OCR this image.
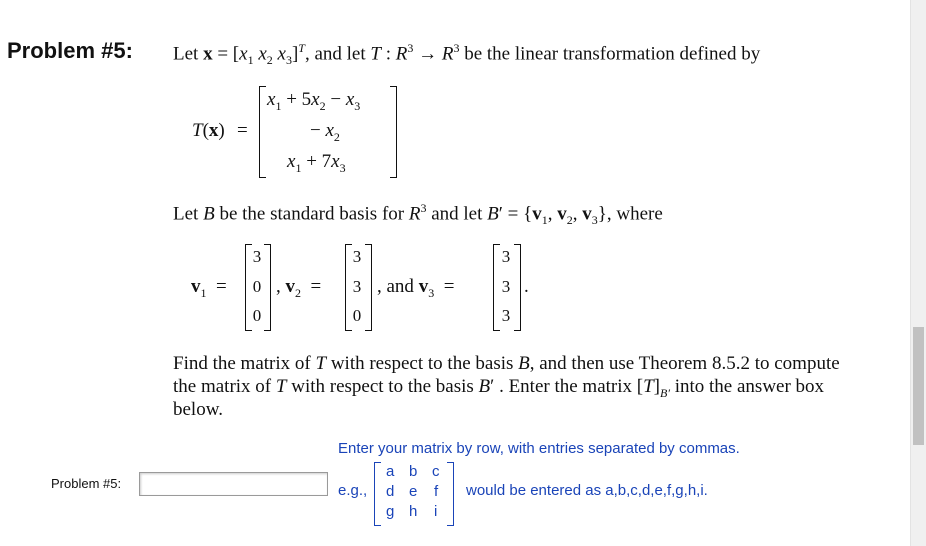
Problem #5: Let $x = [x_1$ $x_2$ $x_3]^T$, and let T : $R^3 \to R^3$ be the linear transformation defined by
T(x) =
$x_1 + 5x_2 - x_3$
− $x_2$
$x_1 + 7x_3$
Let B be the standard basis for $R^3$ and let $B' = \{v_1$, $v_2$, $v_3$}, where
$v_1$  =
3
0
0
, $v_2$  =
3
3
0
, and $v_3$  =
3
3
3
.
Find the matrix of T with respect to the basis B, and then use Theorem 8.5.2 to compute
the matrix of T with respect to the basis B′ . Enter the matrix $[T]_{B'}$ into the answer box
below.
Enter your matrix by row, with entries separated by commas.
Problem #5:	e.g.,
a b c
d e f
g h i
would be entered as a,b,c,d,e,f,g,h,i.
